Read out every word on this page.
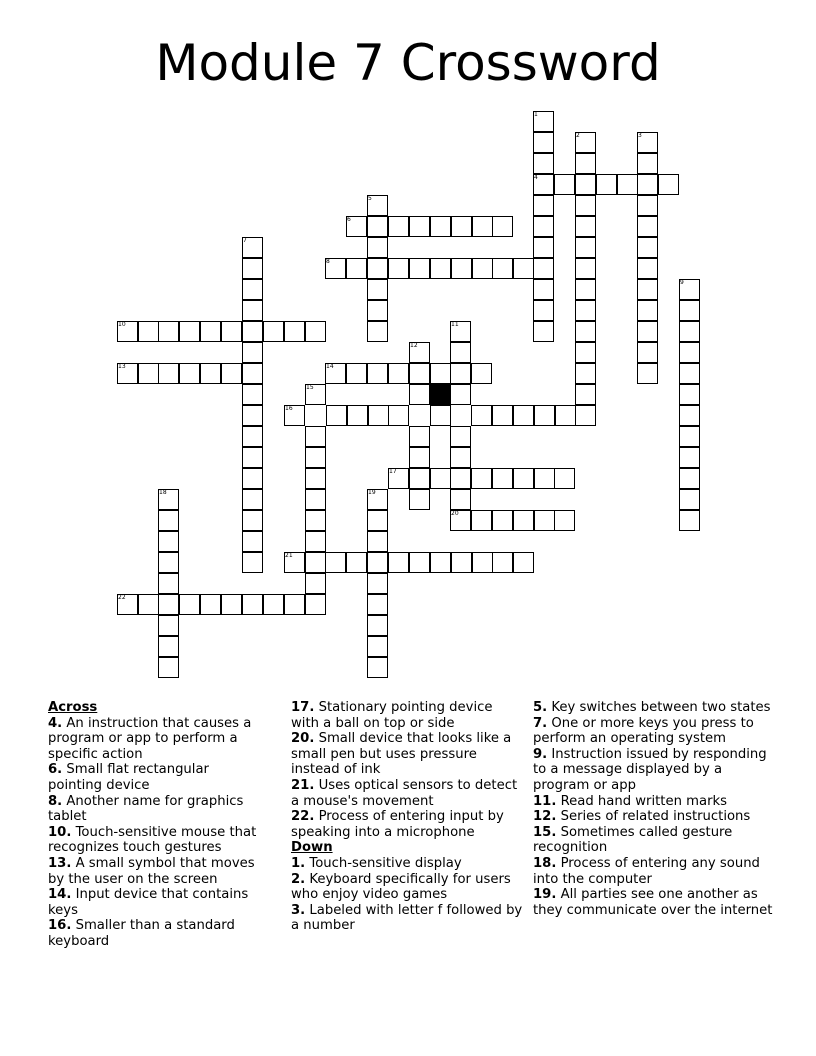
Module 7 Crossword
1
2	3
4
5
6
7
8
9
10	11
12
13	14
15
16
17
18	19
20
21
22
Across
4. An instruction that causes a program or app to perform a specific action
6. Small flat rectangular pointing device
8. Another name for graphics tablet
10. Touch-sensitive mouse that recognizes touch gestures
13. A small symbol that moves by the user on the screen
14. Input device that contains keys
16. Smaller than a standard keyboard
17. Stationary pointing device with a ball on top or side
20. Small device that looks like a small pen but uses pressure instead of ink
21. Uses optical sensors to detect a mouse's movement
22. Process of entering input by speaking into a microphone
Down
1. Touch-sensitive display
2. Keyboard specifically for users who enjoy video games
3. Labeled with letter f followed by a number
5. Key switches between two states
7. One or more keys you press to perform an operating system
9. Instruction issued by responding to a message displayed by a program or app
11. Read hand written marks
12. Series of related instructions
15. Sometimes called gesture recognition
18. Process of entering any sound into the computer
19. All parties see one another as they communicate over the internet
